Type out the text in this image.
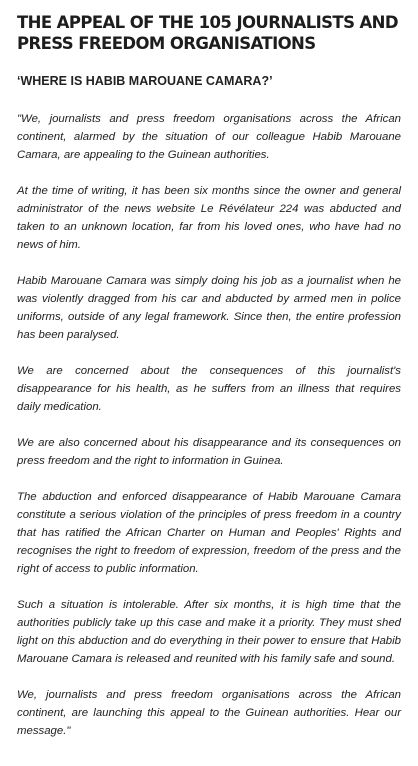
THE APPEAL OF THE 105 JOURNALISTS AND PRESS FREEDOM ORGANISATIONS
‘WHERE IS HABIB MAROUANE CAMARA?’

"We, journalists and press freedom organisations across the African continent, alarmed by the situation of our colleague Habib Marouane Camara, are appealing to the Guinean authorities.

At the time of writing, it has been six months since the owner and general administrator of the news website Le Révélateur 224 was abducted and taken to an unknown location, far from his loved ones, who have had no news of him.

Habib Marouane Camara was simply doing his job as a journalist when he was violently dragged from his car and abducted by armed men in police uniforms, outside of any legal framework. Since then, the entire profession has been paralysed.

We are concerned about the consequences of this journalist's disappearance for his health, as he suffers from an illness that requires daily medication.

We are also concerned about his disappearance and its consequences on press freedom and the right to information in Guinea.

The abduction and enforced disappearance of Habib Marouane Camara constitute a serious violation of the principles of press freedom in a country that has ratified the African Charter on Human and Peoples' Rights and recognises the right to freedom of expression, freedom of the press and the right of access to public information.

Such a situation is intolerable. After six months, it is high time that the authorities publicly take up this case and make it a priority. They must shed light on this abduction and do everything in their power to ensure that Habib Marouane Camara is released and reunited with his family safe and sound.

We, journalists and press freedom organisations across the African continent, are launching this appeal to the Guinean authorities. Hear our message."
